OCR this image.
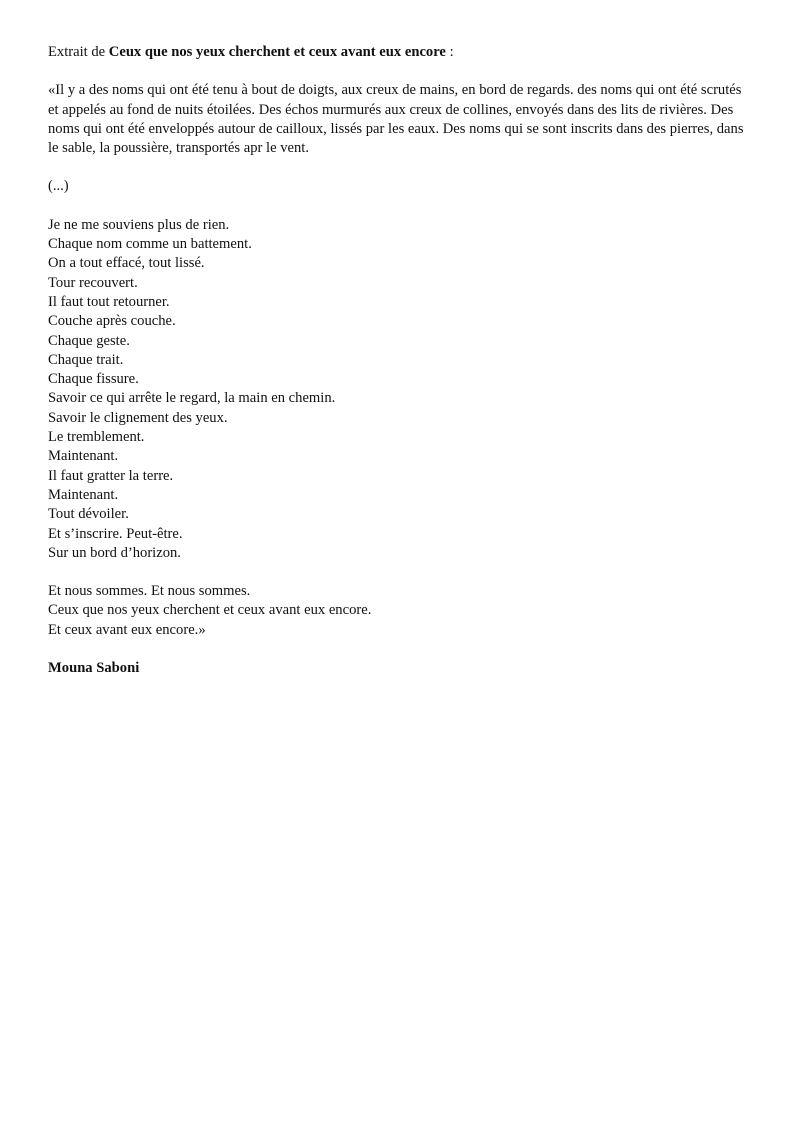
Extrait de Ceux que nos yeux cherchent et ceux avant eux encore :

«Il y a des noms qui ont été tenu à bout de doigts, aux creux de mains, en bord de regards. des noms qui ont été scrutés et appelés au fond de nuits étoilées. Des échos murmurés aux creux de collines, envoyés dans des lits de rivières. Des noms qui ont été enveloppés autour de cailloux, lissés par les eaux. Des noms qui se sont inscrits dans des pierres, dans le sable, la poussière, transportés apr le vent.

(...)

Je ne me souviens plus de rien.
Chaque nom comme un battement.
On a tout effacé, tout lissé.
Tour recouvert.
Il faut tout retourner.
Couche après couche.
Chaque geste.
Chaque trait.
Chaque fissure.
Savoir ce qui arrête le regard, la main en chemin.
Savoir le clignement des yeux.
Le tremblement.
Maintenant.
Il faut gratter la terre.
Maintenant.
Tout dévoiler.
Et s’inscrire. Peut-être.
Sur un bord d’horizon.
Et nous sommes. Et nous sommes.
Ceux que nos yeux cherchent et ceux avant eux encore.
Et ceux avant eux encore.»

Mouna Saboni
